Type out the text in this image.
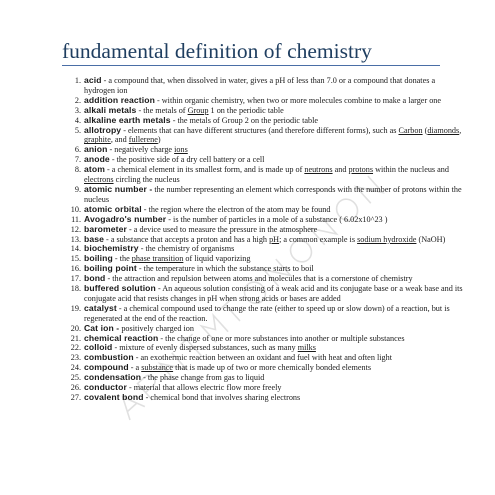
fundamental definition of chemistry
1. acid - a compound that, when dissolved in water, gives a pH of less than 7.0 or a compound that donates a hydrogen ion
2. addition reaction - within organic chemistry, when two or more molecules combine to make a larger one
3. alkali metals - the metals of Group 1 on the periodic table
4. alkaline earth metals - the metals of Group 2 on the periodic table
5. allotropy - elements that can have different structures (and therefore different forms), such as Carbon (diamonds, graphite, and fullerene)
6. anion - negatively charge ions
7. anode - the positive side of a dry cell battery or a cell
8. atom - a chemical element in its smallest form, and is made up of neutrons and protons within the nucleus and electrons circling the nucleus
9. atomic number - the number representing an element which corresponds with the number of protons within the nucleus
10. atomic orbital - the region where the electron of the atom may be found
11. Avogadro's number - is the number of particles in a mole of a substance ( 6.02x10^23 )
12. barometer - a device used to measure the pressure in the atmosphere
13. base - a substance that accepts a proton and has a high pH; a common example is sodium hydroxide (NaOH)
14. biochemistry - the chemistry of organisms
15. boiling - the phase transition of liquid vaporizing
16. boiling point - the temperature in which the substance starts to boil
17. bond - the attraction and repulsion between atoms and molecules that is a cornerstone of chemistry
18. buffered solution - An aqueous solution consisting of a weak acid and its conjugate base or a weak base and its conjugate acid that resists changes in pH when strong acids or bases are added
19. catalyst - a chemical compound used to change the rate (either to speed up or slow down) of a reaction, but is regenerated at the end of the reaction.
20. Cat ion - positively charged ion
21. chemical reaction - the change of one or more substances into another or multiple substances
22. colloid - mixture of evenly dispersed substances, such as many milks
23. combustion - an exothermic reaction between an oxidant and fuel with heat and often light
24. compound - a substance that is made up of two or more chemically bonded elements
25. condensation - the phase change from gas to liquid
26. conductor - material that allows electric flow more freely
27. covalent bond - chemical bond that involves sharing electrons
